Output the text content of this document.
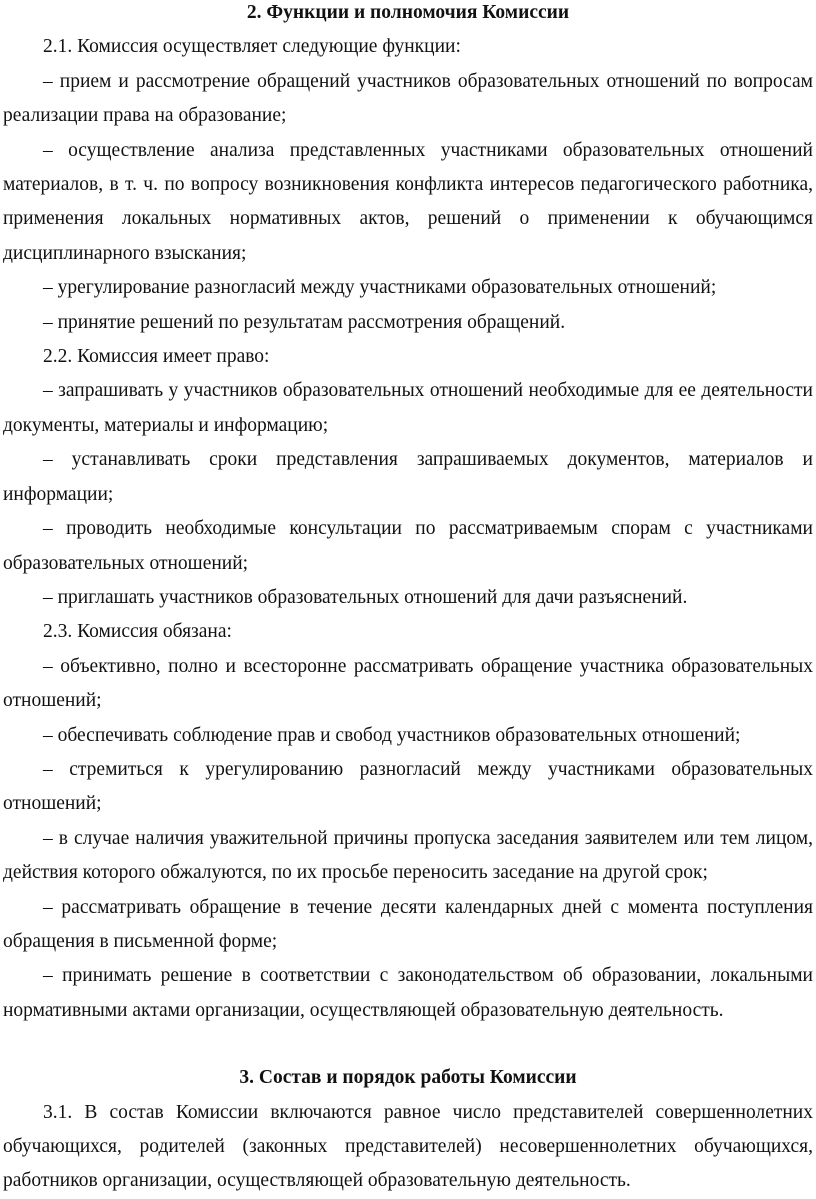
2. Функции и полномочия Комиссии

2.1. Комиссия осуществляет следующие функции:

– прием и рассмотрение обращений участников образовательных отношений по вопросам реализации права на образование;

– осуществление анализа представленных участниками образовательных отношений материалов, в т. ч. по вопросу возникновения конфликта интересов педагогического работника, применения локальных нормативных актов, решений о применении к обучающимся дисциплинарного взыскания;

– урегулирование разногласий между участниками образовательных отношений;

– принятие решений по результатам рассмотрения обращений.

2.2. Комиссия имеет право:

– запрашивать у участников образовательных отношений необходимые для ее деятельности документы, материалы и информацию;

– устанавливать сроки представления запрашиваемых документов, материалов и информации;

– проводить необходимые консультации по рассматриваемым спорам с участниками образовательных отношений;

– приглашать участников образовательных отношений для дачи разъяснений.

2.3. Комиссия обязана:

– объективно, полно и всесторонне рассматривать обращение участника образовательных отношений;

– обеспечивать соблюдение прав и свобод участников образовательных отношений;

– стремиться к урегулированию разногласий между участниками образовательных отношений;

– в случае наличия уважительной причины пропуска заседания заявителем или тем лицом, действия которого обжалуются, по их просьбе переносить заседание на другой срок;

– рассматривать обращение в течение десяти календарных дней с момента поступления обращения в письменной форме;

– принимать решение в соответствии с законодательством об образовании, локальными нормативными актами организации, осуществляющей образовательную деятельность.

3. Состав и порядок работы Комиссии

3.1. В состав Комиссии включаются равное число представителей совершеннолетних обучающихся, родителей (законных представителей) несовершеннолетних обучающихся, работников организации, осуществляющей образовательную деятельность.
